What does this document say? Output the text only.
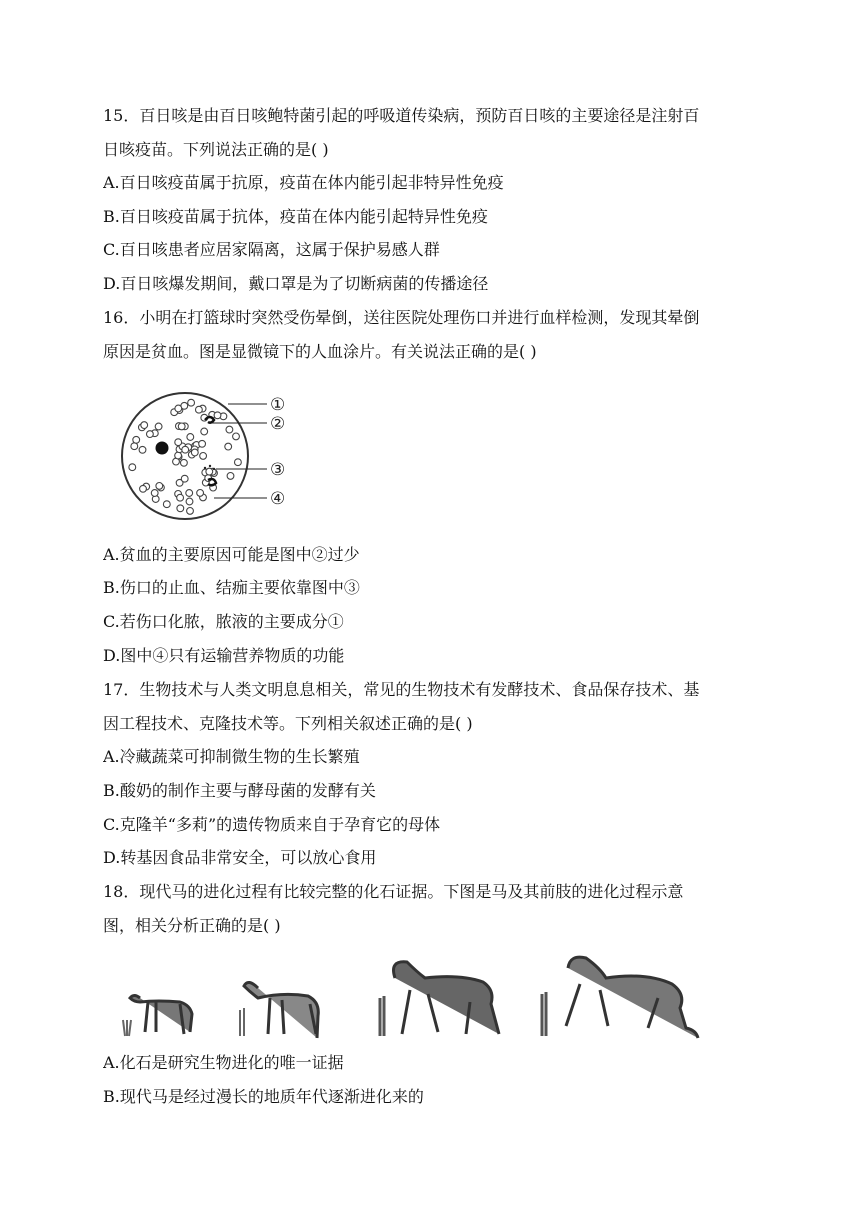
15．百日咳是由百日咳鲍特菌引起的呼吸道传染病，预防百日咳的主要途径是注射百
日咳疫苗。下列说法正确的是( )
A.百日咳疫苗属于抗原，疫苗在体内能引起非特异性免疫
B.百日咳疫苗属于抗体，疫苗在体内能引起特异性免疫
C.百日咳患者应居家隔离，这属于保护易感人群
D.百日咳爆发期间，戴口罩是为了切断病菌的传播途径
16．小明在打篮球时突然受伤晕倒，送往医院处理伤口并进行血样检测，发现其晕倒
原因是贫血。图是显微镜下的人血涂片。有关说法正确的是( )
①
②
③
④
A.贫血的主要原因可能是图中②过少
B.伤口的止血、结痂主要依靠图中③
C.若伤口化脓，脓液的主要成分①
D.图中④只有运输营养物质的功能
17．生物技术与人类文明息息相关，常见的生物技术有发酵技术、食品保存技术、基
因工程技术、克隆技术等。下列相关叙述正确的是( )
A.冷藏蔬菜可抑制微生物的生长繁殖
B.酸奶的制作主要与酵母菌的发酵有关
C.克隆羊“多莉”的遗传物质来自于孕育它的母体
D.转基因食品非常安全，可以放心食用
18．现代马的进化过程有比较完整的化石证据。下图是马及其前肢的进化过程示意
图，相关分析正确的是( )
A.化石是研究生物进化的唯一证据
B.现代马是经过漫长的地质年代逐渐进化来的
